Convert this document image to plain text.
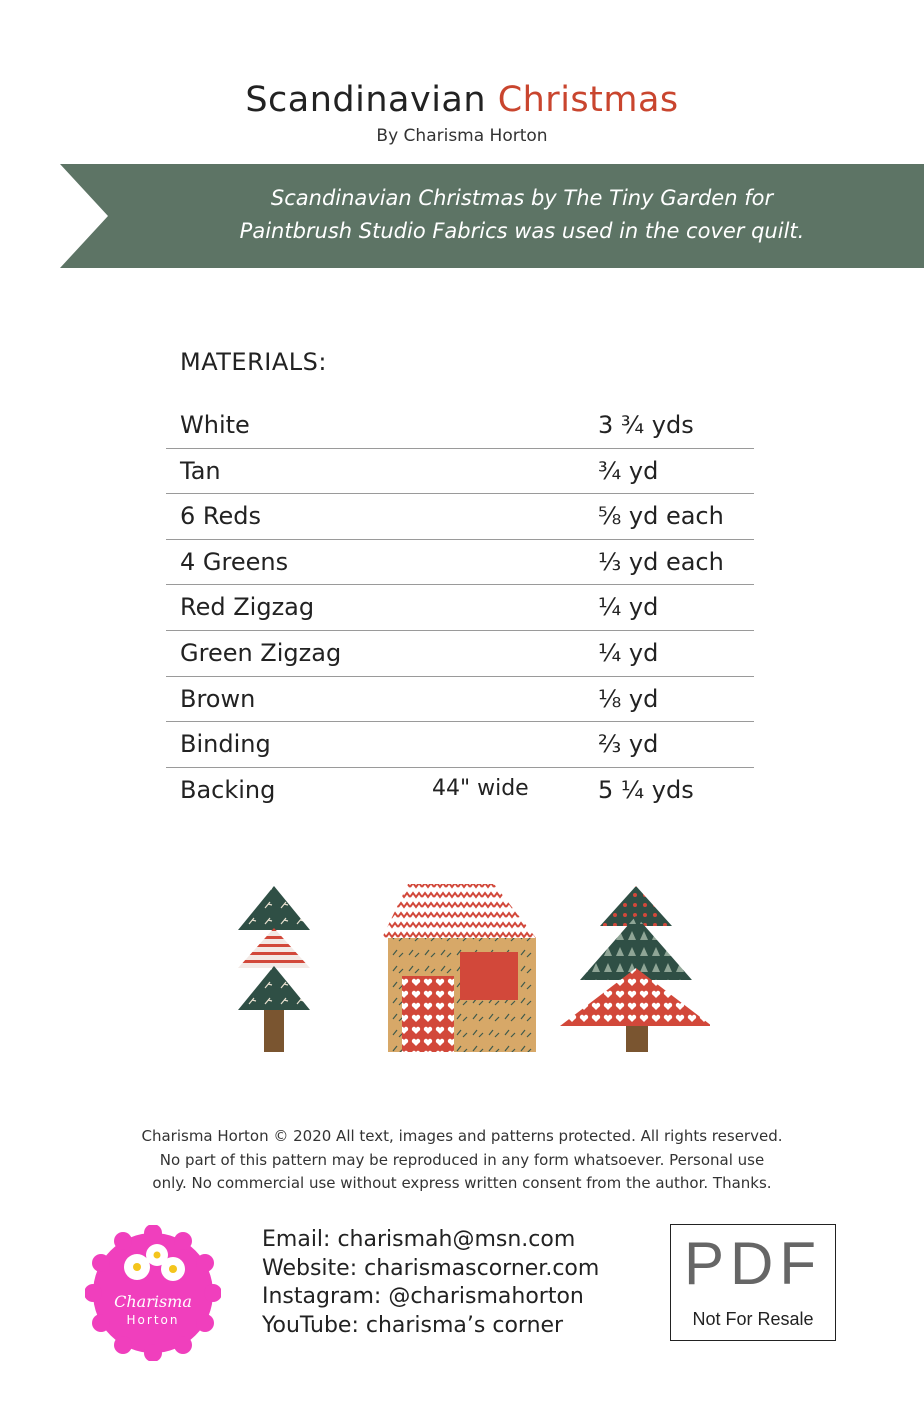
Scandinavian Christmas
By Charisma Horton
Scandinavian Christmas by The Tiny Garden for
Paintbrush Studio Fabrics was used in the cover quilt.
MATERIALS:
White	3 ¾ yds
Tan	¾ yd
6 Reds	⅝ yd each
4 Greens	⅓ yd each
Red Zigzag	¼ yd
Green Zigzag	¼ yd
Brown	⅛ yd
Binding	⅔ yd
Backing	44" wide	5 ¼ yds
Charisma Horton © 2020 All text, images and patterns protected. All rights reserved.
No part of this pattern may be reproduced in any form whatsoever. Personal use
only. No commercial use without express written consent from the author. Thanks.
Charisma
Horton
Email: charismah@msn.com
Website: charismascorner.com
Instagram: @charismahorton
YouTube: charisma’s corner
PDF
Not For Resale
